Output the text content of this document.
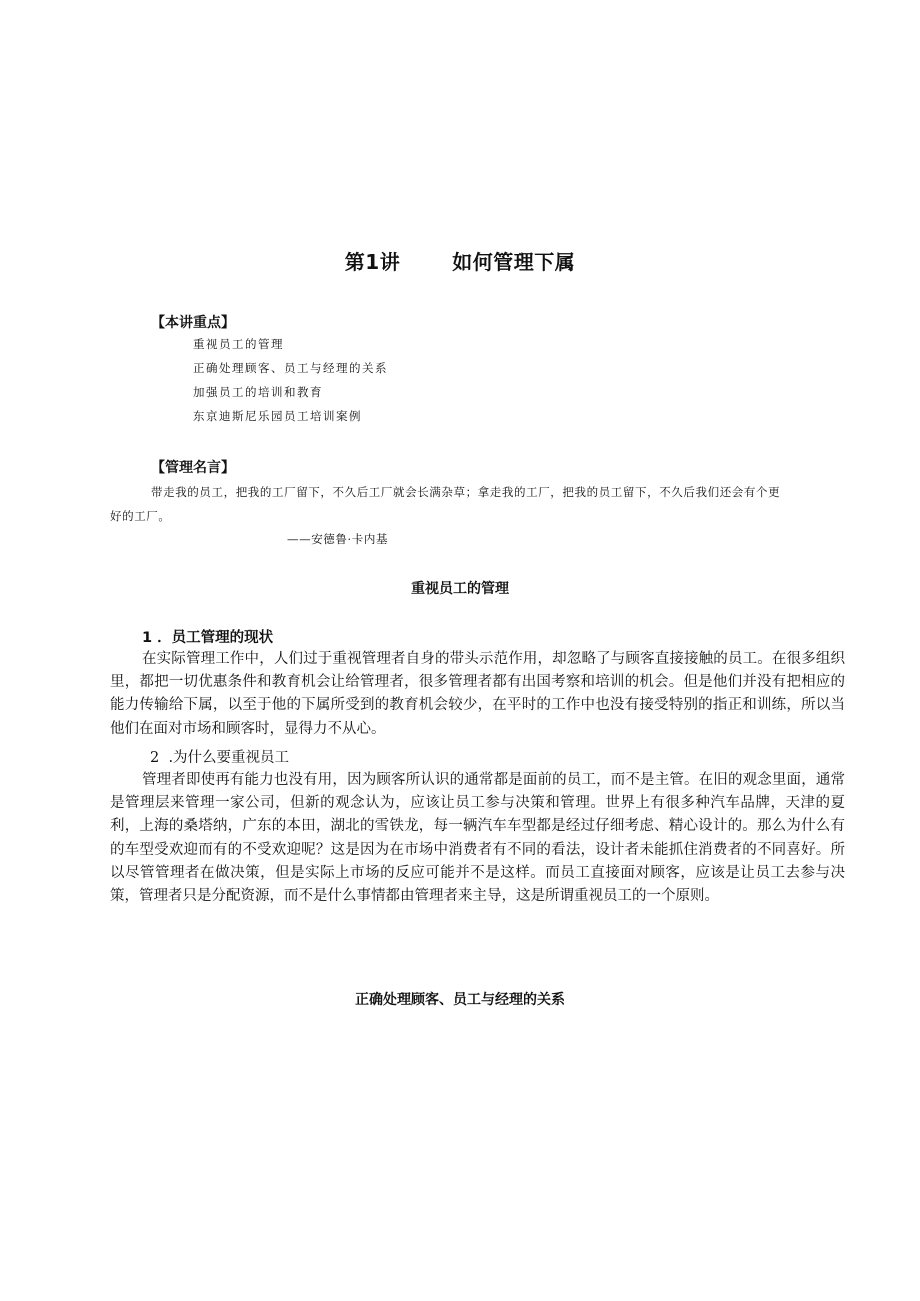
第1讲	如何管理下属
【本讲重点】
重视员工的管理
正确处理顾客、员工与经理的关系
加强员工的培训和教育
东京迪斯尼乐园员工培训案例
【管理名言】
带走我的员工，把我的工厂留下，不久后工厂就会长满杂草；拿走我的工厂，把我的员工留下，不久后我们还会有个更
好的工厂。
——安德鲁·卡内基
重视员工的管理
1 ．员工管理的现状

在实际管理工作中，人们过于重视管理者自身的带头示范作用，却忽略了与顾客直接接触的员工。在很多组织里，都把一切优惠条件和教育机会让给管理者，很多管理者都有出国考察和培训的机会。但是他们并没有把相应的能力传输给下属，以至于他的下属所受到的教育机会较少，在平时的工作中也没有接受特别的指正和训练，所以当他们在面对市场和顾客时，显得力不从心。

2 .为什么要重视员工

管理者即使再有能力也没有用，因为顾客所认识的通常都是面前的员工，而不是主管。在旧的观念里面，通常是管理层来管理一家公司，但新的观念认为，应该让员工参与决策和管理。世界上有很多种汽车品牌，天津的夏利，上海的桑塔纳，广东的本田，湖北的雪铁龙，每一辆汽车车型都是经过仔细考虑、精心设计的。那么为什么有的车型受欢迎而有的不受欢迎呢？这是因为在市场中消费者有不同的看法，设计者未能抓住消费者的不同喜好。所以尽管管理者在做决策，但是实际上市场的反应可能并不是这样。而员工直接面对顾客，应该是让员工去参与决策，管理者只是分配资源，而不是什么事情都由管理者来主导，这是所谓重视员工的一个原则。

正确处理顾客、员工与经理的关系
